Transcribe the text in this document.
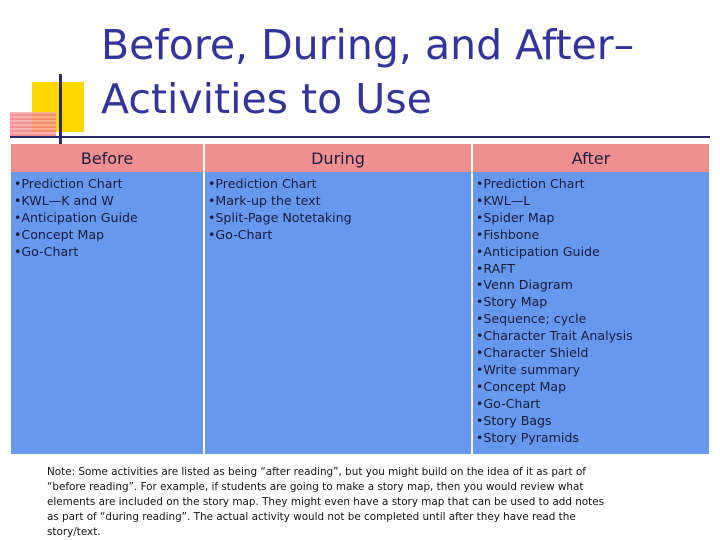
Before, During, and After–
Activities to Use
Before
•Prediction Chart
•KWL—K and W
•Anticipation Guide
•Concept Map
•Go-Chart
During
•Prediction Chart
•Mark-up the text
•Split-Page Notetaking
•Go-Chart
After
•Prediction Chart
•KWL—L
•Spider Map
•Fishbone
•Anticipation Guide
•RAFT
•Venn Diagram
•Story Map
•Sequence; cycle
•Character Trait Analysis
•Character Shield
•Write summary
•Concept Map
•Go-Chart
•Story Bags
•Story Pyramids
Note: Some activities are listed as being “after reading”, but you might build on the idea of it as part of
“before reading”. For example, if students are going to make a story map, then you would review what
elements are included on the story map. They might even have a story map that can be used to add notes
as part of “during reading”. The actual activity would not be completed until after they have read the
story/text.
